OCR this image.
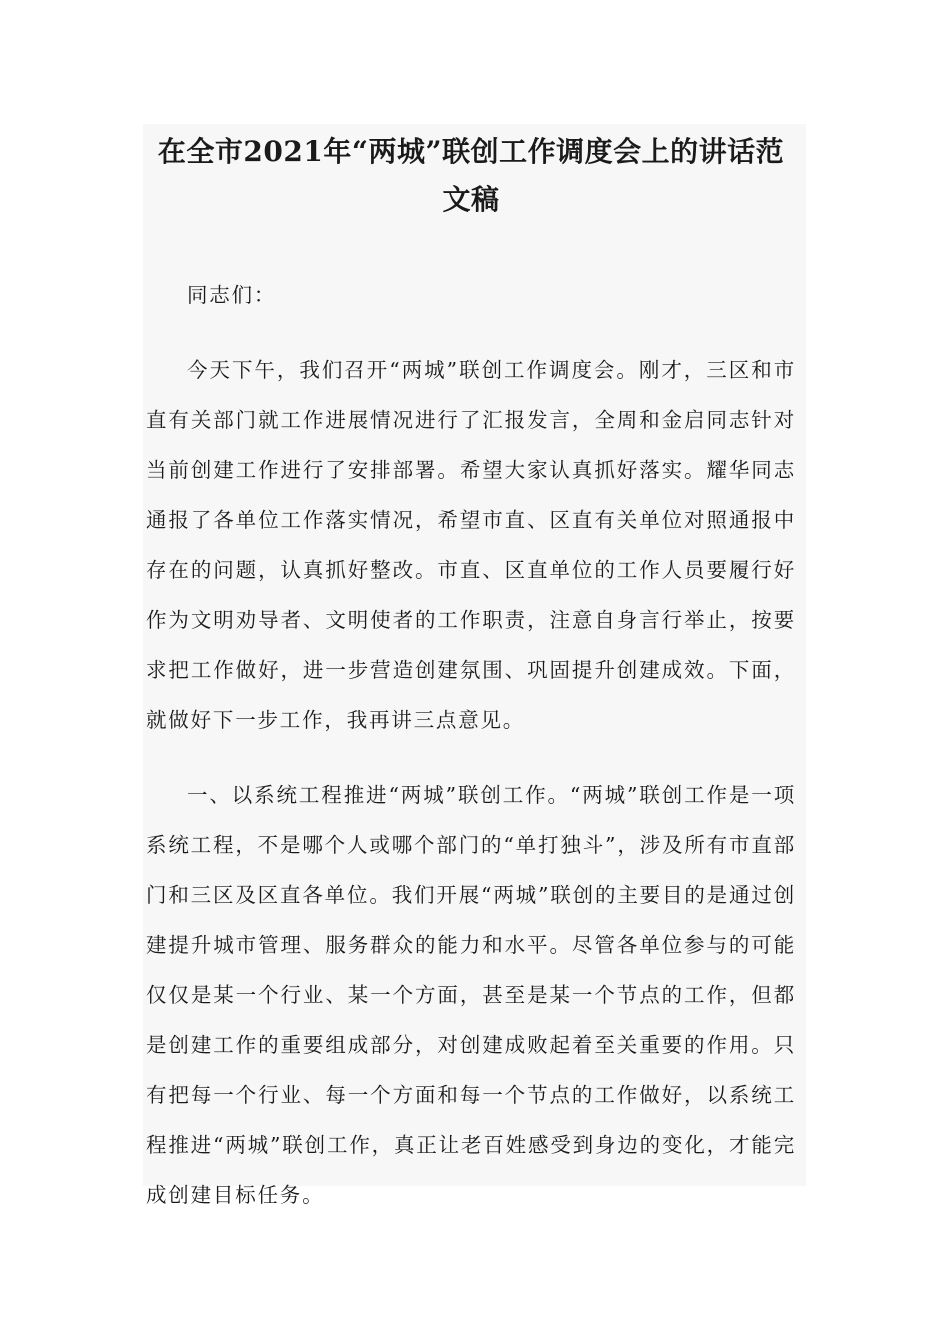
在全市2021年“两城”联创工作调度会上的讲话范
文稿

同志们：

今天下午，我们召开“两城”联创工作调度会。刚才，三区和市直有关部门就工作进展情况进行了汇报发言，全周和金启同志针对当前创建工作进行了安排部署。希望大家认真抓好落实。耀华同志通报了各单位工作落实情况，希望市直、区直有关单位对照通报中存在的问题，认真抓好整改。市直、区直单位的工作人员要履行好作为文明劝导者、文明使者的工作职责，注意自身言行举止，按要求把工作做好，进一步营造创建氛围、巩固提升创建成效。下面，就做好下一步工作，我再讲三点意见。

一、以系统工程推进“两城”联创工作。“两城”联创工作是一项系统工程，不是哪个人或哪个部门的“单打独斗”，涉及所有市直部门和三区及区直各单位。我们开展“两城”联创的主要目的是通过创建提升城市管理、服务群众的能力和水平。尽管各单位参与的可能仅仅是某一个行业、某一个方面，甚至是某一个节点的工作，但都是创建工作的重要组成部分，对创建成败起着至关重要的作用。只有把每一个行业、每一个方面和每一个节点的工作做好，以系统工程推进“两城”联创工作，真正让老百姓感受到身边的变化，才能完成创建目标任务。
